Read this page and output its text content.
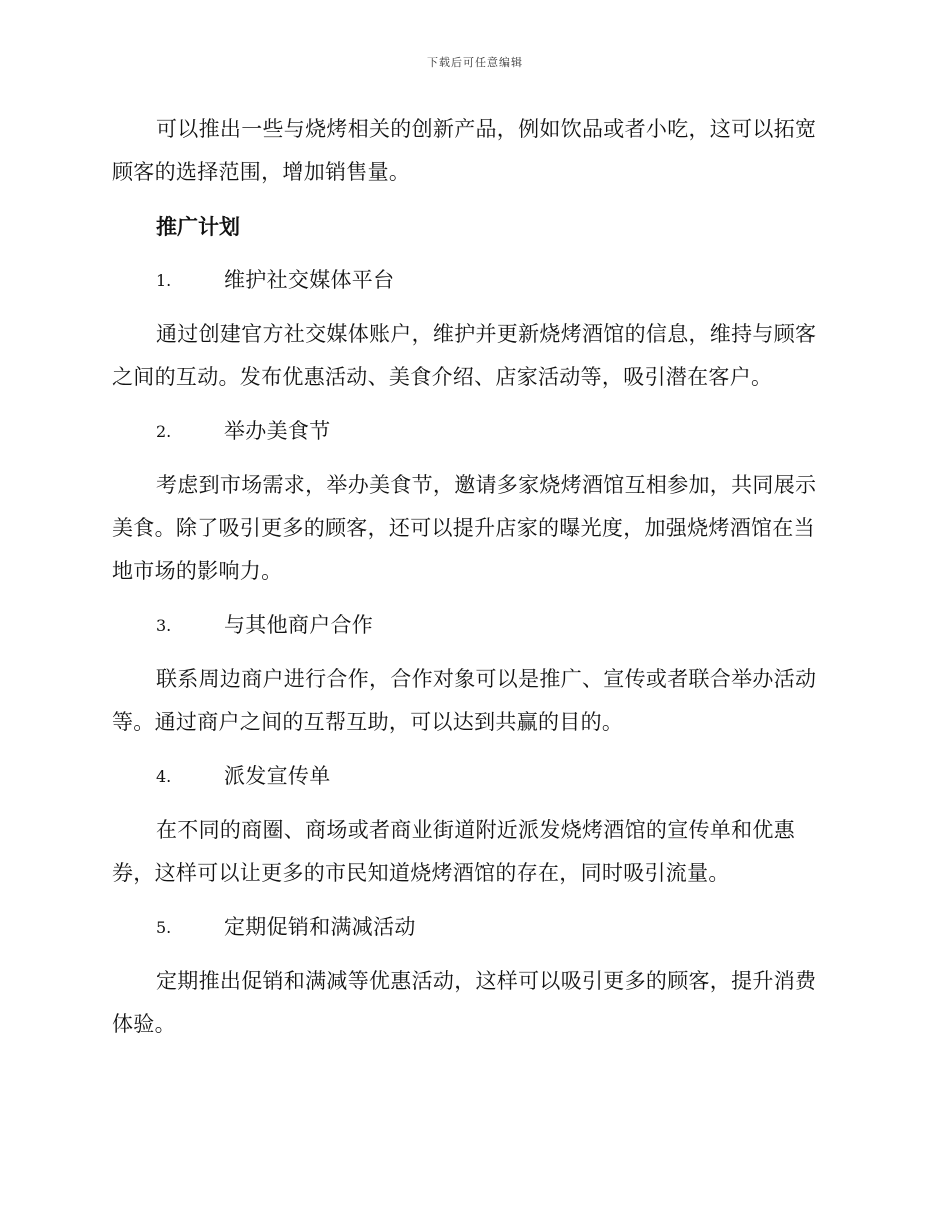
下载后可任意编辑

可以推出一些与烧烤相关的创新产品，例如饮品或者小吃，这可以拓宽顾客的选择范围，增加销售量。

推广计划
1.	维护社交媒体平台

通过创建官方社交媒体账户，维护并更新烧烤酒馆的信息，维持与顾客之间的互动。发布优惠活动、美食介绍、店家活动等，吸引潜在客户。

2.	举办美食节

考虑到市场需求，举办美食节，邀请多家烧烤酒馆互相参加，共同展示美食。除了吸引更多的顾客，还可以提升店家的曝光度，加强烧烤酒馆在当地市场的影响力。

3.	与其他商户合作

联系周边商户进行合作，合作对象可以是推广、宣传或者联合举办活动等。通过商户之间的互帮互助，可以达到共赢的目的。

4.	派发宣传单

在不同的商圈、商场或者商业街道附近派发烧烤酒馆的宣传单和优惠券，这样可以让更多的市民知道烧烤酒馆的存在，同时吸引流量。

5.	定期促销和满减活动

定期推出促销和满减等优惠活动，这样可以吸引更多的顾客，提升消费体验。
